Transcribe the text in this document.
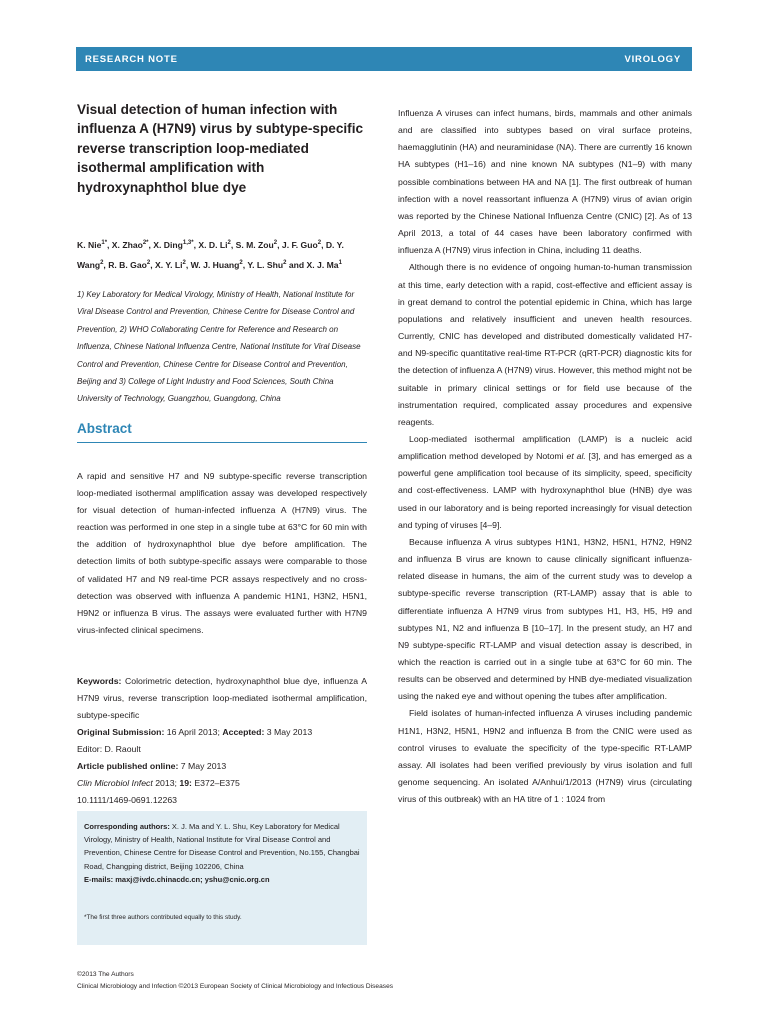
RESEARCH NOTE	VIROLOGY
Visual detection of human infection with influenza A (H7N9) virus by subtype-specific reverse transcription loop-mediated isothermal amplification with hydroxynaphthol blue dye
K. Nie$^{1*}$, X. Zhao$^{2*}$, X. Ding$^{1,3*}$, X. D. Li$^2$, S. M. Zou$^2$, J. F. Guo$^2$, D. Y. Wang$^2$, R. B. Gao$^2$, X. Y. Li$^2$, W. J. Huang$^2$, Y. L. Shu$^2$ and X. J. Ma$^1$
1) Key Laboratory for Medical Virology, Ministry of Health, National Institute for Viral Disease Control and Prevention, Chinese Centre for Disease Control and Prevention, 2) WHO Collaborating Centre for Reference and Research on Influenza, Chinese National Influenza Centre, National Institute for Viral Disease Control and Prevention, Chinese Centre for Disease Control and Prevention, Beijing and 3) College of Light Industry and Food Sciences, South China University of Technology, Guangzhou, Guangdong, China
Abstract
A rapid and sensitive H7 and N9 subtype-specific reverse transcription loop-mediated isothermal amplification assay was developed respectively for visual detection of human-infected influenza A (H7N9) virus. The reaction was performed in one step in a single tube at 63°C for 60 min with the addition of hydroxynaphthol blue dye before amplification. The detection limits of both subtype-specific assays were comparable to those of validated H7 and N9 real-time PCR assays respectively and no cross-detection was observed with influenza A pandemic H1N1, H3N2, H5N1, H9N2 or influenza B virus. The assays were evaluated further with H7N9 virus-infected clinical specimens.
Keywords: Colorimetric detection, hydroxynaphthol blue dye, influenza A H7N9 virus, reverse transcription loop-mediated isothermal amplification, subtype-specific
Original Submission: 16 April 2013; Accepted: 3 May 2013
Editor: D. Raoult
Article published online: 7 May 2013
Clin Microbiol Infect 2013; 19: E372–E375
10.1111/1469-0691.12263
Corresponding authors: X. J. Ma and Y. L. Shu, Key Laboratory for Medical Virology, Ministry of Health, National Institute for Viral Disease Control and Prevention, Chinese Centre for Disease Control and Prevention, No.155, Changbai Road, Changping district, Beijing 102206, China
E-mails: maxj@ivdc.chinacdc.cn; yshu@cnic.org.cn
*The first three authors contributed equally to this study.

Influenza A viruses can infect humans, birds, mammals and other animals and are classified into subtypes based on viral surface proteins, haemagglutinin (HA) and neuraminidase (NA). There are currently 16 known HA subtypes (H1–16) and nine known NA subtypes (N1–9) with many possible combinations between HA and NA [1]. The first outbreak of human infection with a novel reassortant influenza A (H7N9) virus of avian origin was reported by the Chinese National Influenza Centre (CNIC) [2]. As of 13 April 2013, a total of 44 cases have been laboratory confirmed with influenza A (H7N9) virus infection in China, including 11 deaths.

Although there is no evidence of ongoing human-to-human transmission at this time, early detection with a rapid, cost-effective and efficient assay is in great demand to control the potential epidemic in China, which has large populations and relatively insufficient and uneven health resources. Currently, CNIC has developed and distributed domestically validated H7- and N9-specific quantitative real-time RT-PCR (qRT-PCR) diagnostic kits for the detection of influenza A (H7N9) virus. However, this method might not be suitable in primary clinical settings or for field use because of the instrumentation required, complicated assay procedures and expensive reagents.

Loop-mediated isothermal amplification (LAMP) is a nucleic acid amplification method developed by Notomi et al. [3], and has emerged as a powerful gene amplification tool because of its simplicity, speed, specificity and cost-effectiveness. LAMP with hydroxynaphthol blue (HNB) dye was used in our laboratory and is being reported increasingly for visual detection and typing of viruses [4–9].

Because influenza A virus subtypes H1N1, H3N2, H5N1, H7N2, H9N2 and influenza B virus are known to cause clinically significant influenza-related disease in humans, the aim of the current study was to develop a subtype-specific reverse transcription (RT-LAMP) assay that is able to differentiate influenza A H7N9 virus from subtypes H1, H3, H5, H9 and subtypes N1, N2 and influenza B [10–17]. In the present study, an H7 and N9 subtype-specific RT-LAMP and visual detection assay is described, in which the reaction is carried out in a single tube at 63°C for 60 min. The results can be observed and determined by HNB dye-mediated visualization using the naked eye and without opening the tubes after amplification.

Field isolates of human-infected influenza A viruses including pandemic H1N1, H3N2, H5N1, H9N2 and influenza B from the CNIC were used as control viruses to evaluate the specificity of the type-specific RT-LAMP assay. All isolates had been verified previously by virus isolation and full genome sequencing. An isolated A/Anhui/1/2013 (H7N9) virus (circulating virus of this outbreak) with an HA titre of 1 : 1024 from

©2013 The Authors
Clinical Microbiology and Infection ©2013 European Society of Clinical Microbiology and Infectious Diseases
